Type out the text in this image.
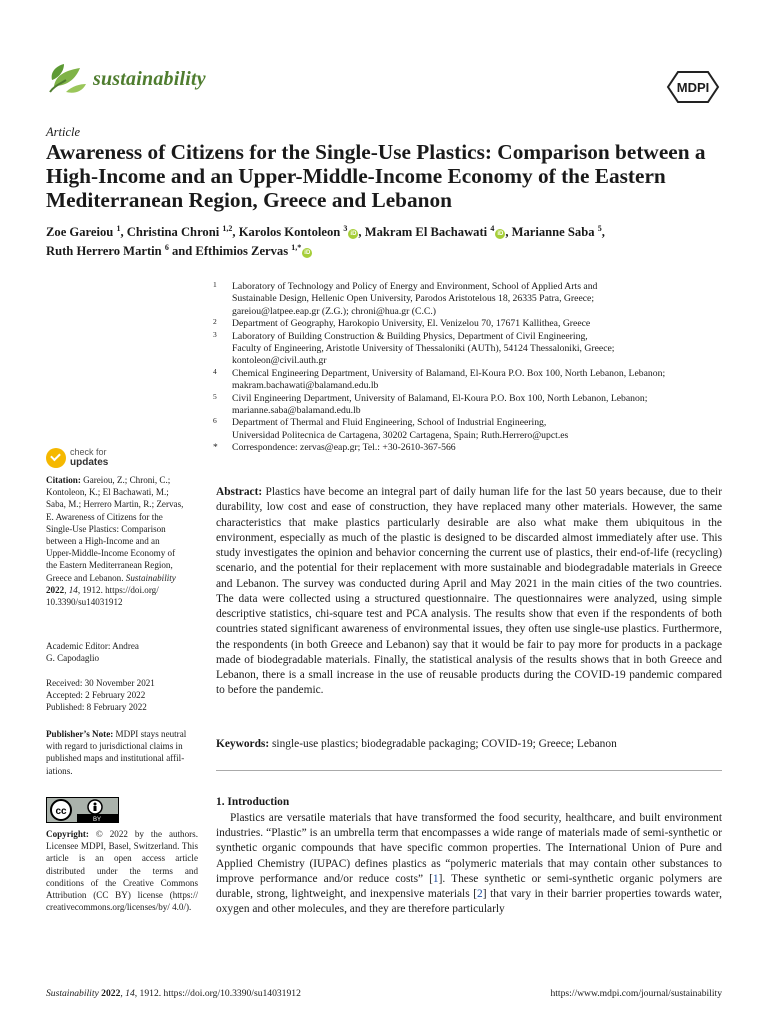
sustainability	MDPI
Article
Awareness of Citizens for the Single-Use Plastics: Comparison between a High-Income and an Upper-Middle-Income Economy of the Eastern Mediterranean Region, Greece and Lebanon
Zoe Gareiou $^1$, Christina Chroni $^{1,2}$, Karolos Kontoleon $^3$iD , Makram El Bachawati $^4$iD , Marianne Saba $^5$,
Ruth Herrero Martin $^6$ and Efthimios Zervas $^{1,*}$iD
1 Laboratory of Technology and Policy of Energy and Environment, School of Applied Arts and
Sustainable Design, Hellenic Open University, Parodos Aristotelous 18, 26335 Patra, Greece;
gareiou@latpee.eap.gr (Z.G.); chroni@hua.gr (C.C.)
2 Department of Geography, Harokopio University, El. Venizelou 70, 17671 Kallithea, Greece
3 Laboratory of Building Construction & Building Physics, Department of Civil Engineering,
Faculty of Engineering, Aristotle University of Thessaloniki (AUTh), 54124 Thessaloniki, Greece;
kontoleon@civil.auth.gr
4 Chemical Engineering Department, University of Balamand, El-Koura P.O. Box 100, North Lebanon, Lebanon;
makram.bachawati@balamand.edu.lb
5 Civil Engineering Department, University of Balamand, El-Koura P.O. Box 100, North Lebanon, Lebanon;
marianne.saba@balamand.edu.lb
6 Department of Thermal and Fluid Engineering, School of Industrial Engineering,
Universidad Politecnica de Cartagena, 30202 Cartagena, Spain; Ruth.Herrero@upct.es
* Correspondence: zervas@eap.gr; Tel.: +30-2610-367-566
check for
updates
Citation: Gareiou, Z.; Chroni, C.;
Kontoleon, K.; El Bachawati, M.;
Saba, M.; Herrero Martin, R.; Zervas,
E. Awareness of Citizens for the
Single-Use Plastics: Comparison
between a High-Income and an
Upper-Middle-Income Economy of
the Eastern Mediterranean Region,
Greece and Lebanon. Sustainability
2022, 14, 1912. https://doi.org/
10.3390/su14031912
Academic Editor: Andrea
G. Capodaglio
Received: 30 November 2021
Accepted: 2 February 2022
Published: 8 February 2022
Publisher’s Note: MDPI stays neutral
with regard to jurisdictional claims in
published maps and institutional affil-
iations.
cc
BY
Copyright: © 2022 by the authors. Licensee MDPI, Basel, Switzerland. This article is an open access article distributed under the terms and conditions of the Creative Commons Attribution (CC BY) license (https:// creativecommons.org/licenses/by/ 4.0/).
Abstract: Plastics have become an integral part of daily human life for the last 50 years because, due to their durability, low cost and ease of construction, they have replaced many other materials. However, the same characteristics that make plastics particularly desirable are also what make them ubiquitous in the environment, especially as much of the plastic is designed to be discarded almost immediately after use. This study investigates the opinion and behavior concerning the current use of plastics, their end-of-life (recycling) scenario, and the potential for their replacement with more sustainable and biodegradable materials in Greece and Lebanon. The survey was conducted during April and May 2021 in the main cities of the two countries. The data were collected using a structured questionnaire. The questionnaires were analyzed, using simple descriptive statistics, chi-square test and PCA analysis. The results show that even if the respondents of both countries stated significant awareness of environmental issues, they often use single-use plastics. Furthermore, the respondents (in both Greece and Lebanon) say that it would be fair to pay more for products in a package made of biodegradable materials. Finally, the statistical analysis of the results shows that in both Greece and Lebanon, there is a small increase in the use of reusable products during the COVID-19 pandemic compared to before the pandemic.
Keywords: single-use plastics; biodegradable packaging; COVID-19; Greece; Lebanon
1. Introduction
Plastics are versatile materials that have transformed the food security, healthcare, and built environment industries. “Plastic” is an umbrella term that encompasses a wide range of materials made of semi-synthetic or synthetic organic compounds that have specific common properties. The International Union of Pure and Applied Chemistry (IUPAC) defines plastics as “polymeric materials that may contain other substances to improve performance and/or reduce costs” [1]. These synthetic or semi-synthetic organic polymers are durable, strong, lightweight, and inexpensive materials [2] that vary in their barrier properties towards water, oxygen and other molecules, and they are therefore particularly
Sustainability 2022, 14, 1912. https://doi.org/10.3390/su14031912	https://www.mdpi.com/journal/sustainability
